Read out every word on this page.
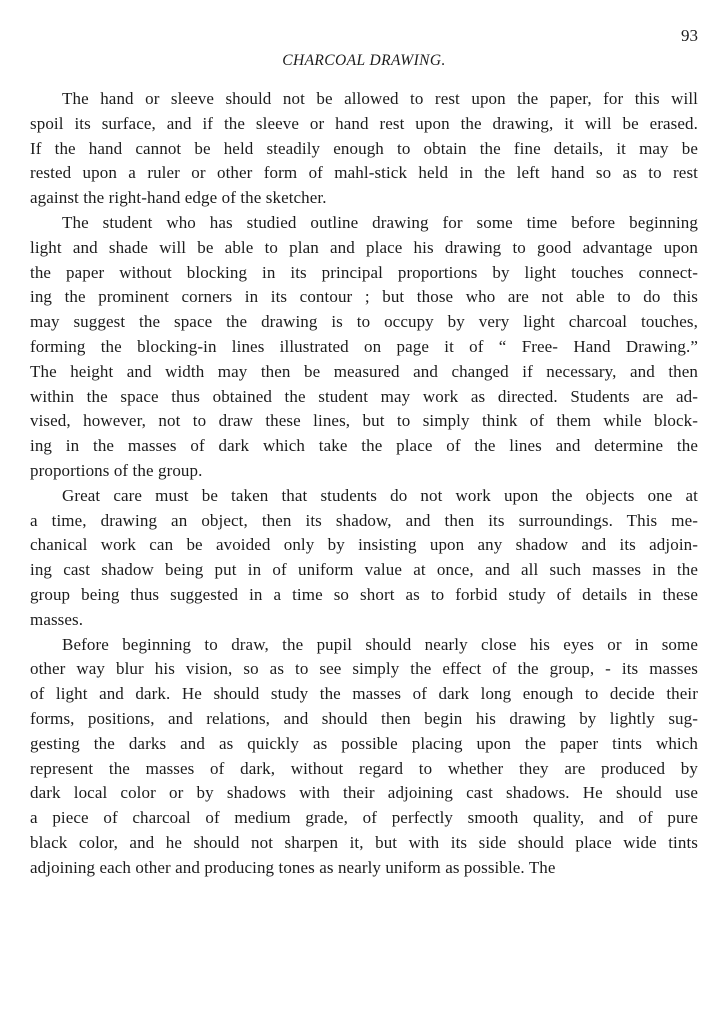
93
CHARCOAL DRAWING.
The hand or sleeve should not be allowed to rest upon the paper, for this will
spoil its surface, and if the sleeve or hand rest upon the drawing, it will be erased.
If the hand cannot be held steadily enough to obtain the fine details, it may be
rested upon a ruler or other form of mahl-stick held in the left hand so as to rest
against the right-hand edge of the sketcher.
The student who has studied outline drawing for some time before beginning
light and shade will be able to plan and place his drawing to good advantage upon
the paper without blocking in its principal proportions by light touches connect-
ing the prominent corners in its contour ; but those who are not able to do this
may suggest the space the drawing is to occupy by very light charcoal touches,
forming the blocking-in lines illustrated on page it of “ Free- Hand Drawing.”
The height and width may then be measured and changed if necessary, and then
within the space thus obtained the student may work as directed. Students are ad-
vised, however, not to draw these lines, but to simply think of them while block-
ing in the masses of dark which take the place of the lines and determine the
proportions of the group.
Great care must be taken that students do not work upon the objects one at
a time, drawing an object, then its shadow, and then its surroundings. This me-
chanical work can be avoided only by insisting upon any shadow and its adjoin-
ing cast shadow being put in of uniform value at once, and all such masses in the
group being thus suggested in a time so short as to forbid study of details in these
masses.
Before beginning to draw, the pupil should nearly close his eyes or in some
other way blur his vision, so as to see simply the effect of the group, - its masses
of light and dark. He should study the masses of dark long enough to decide their
forms, positions, and relations, and should then begin his drawing by lightly sug-
gesting the darks and as quickly as possible placing upon the paper tints which
represent the masses of dark, without regard to whether they are produced by
dark local color or by shadows with their adjoining cast shadows. He should use
a piece of charcoal of medium grade, of perfectly smooth quality, and of pure
black color, and he should not sharpen it, but with its side should place wide tints
adjoining each other and producing tones as nearly uniform as possible. The
